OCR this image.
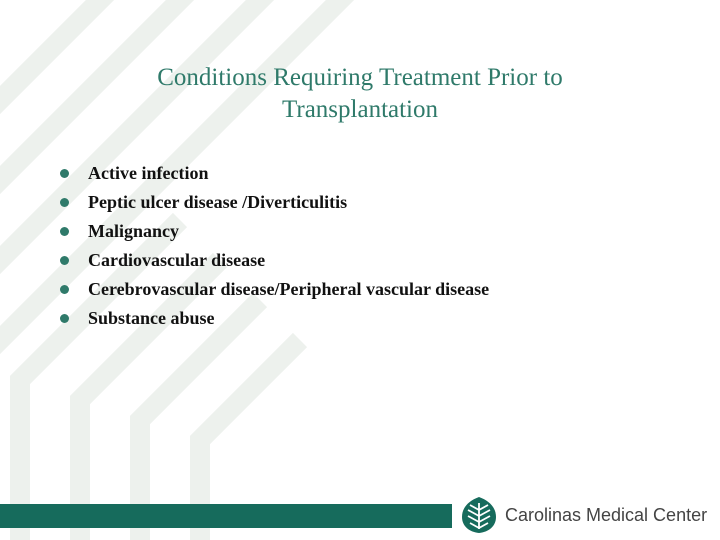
Conditions Requiring Treatment Prior to
Transplantation
Active infection
Peptic ulcer disease /Diverticulitis
Malignancy
Cardiovascular disease
Cerebrovascular disease/Peripheral vascular disease
Substance abuse
Carolinas Medical Center
